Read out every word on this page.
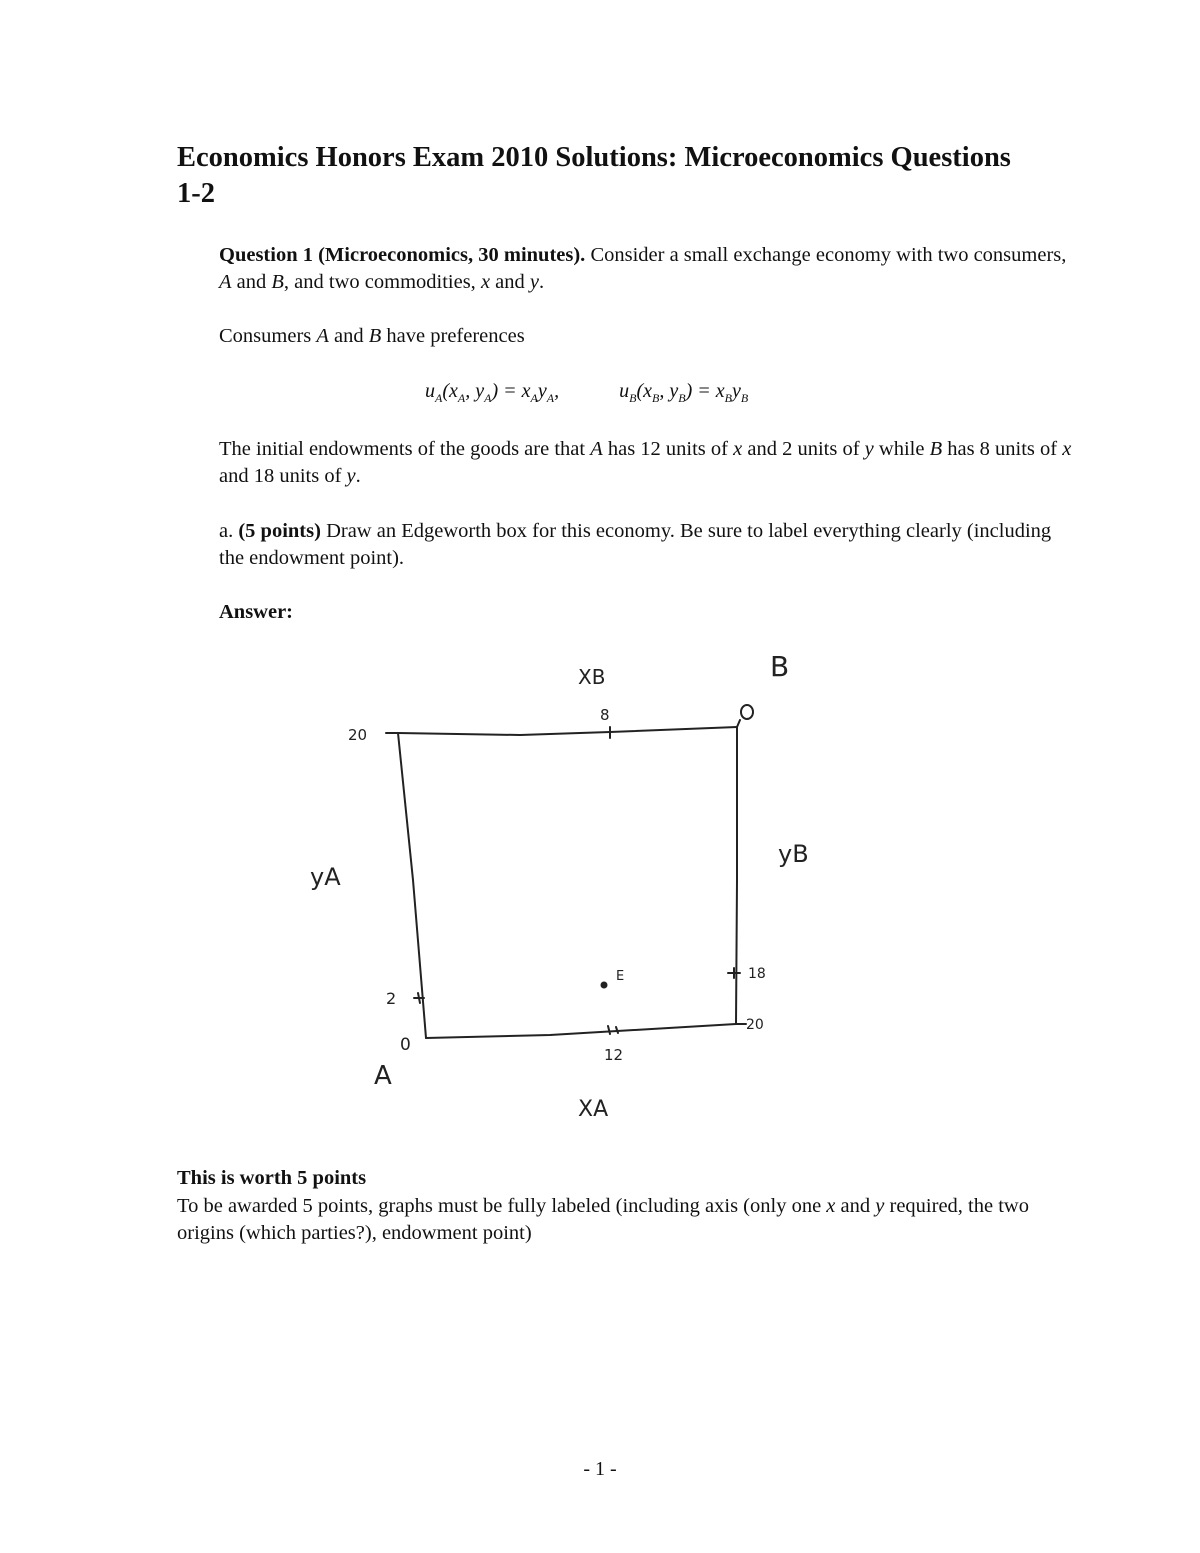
Economics Honors Exam 2010 Solutions: Microeconomics Questions 1-2

Question 1 (Microeconomics, 30 minutes). Consider a small exchange economy with two consumers, A and B, and two commodities, x and y.

Consumers A and B have preferences

$u_A(x_A$, $y_A) = x_Ay_A$,	$u_B(x_B$, $y_B) = x_By_B$

The initial endowments of the goods are that A has 12 units of x and 2 units of y while B has 8 units of x and 18 units of y.

a. (5 points) Draw an Edgeworth box for this economy. Be sure to label everything clearly (including the endowment point).

Answer:

XB	B
8	0
20
yA
yB
2
E	18
20
0	12
A
XA

This is worth 5 points

To be awarded 5 points, graphs must be fully labeled (including axis (only one x and y required, the two origins (which parties?), endowment point)

- 1 -
